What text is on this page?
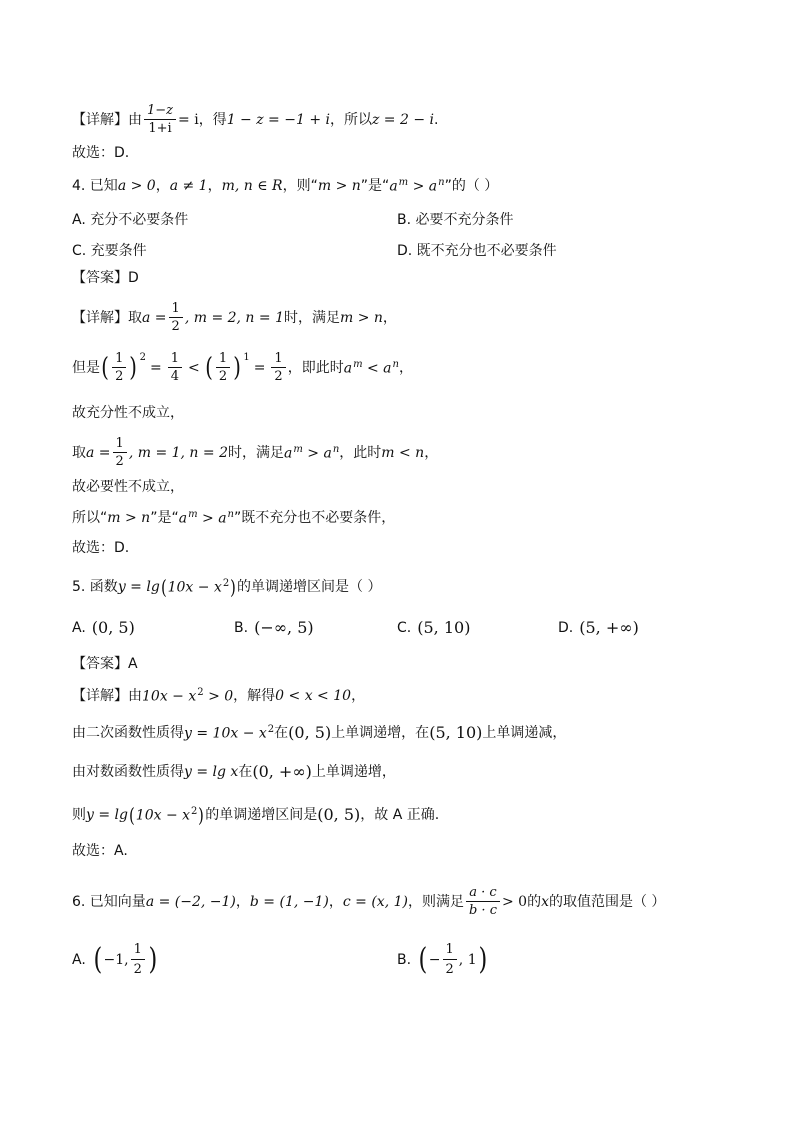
【详解】 由 $\frac{1-z}{1+i} = i$ ，得 1 − z = −1 + i ，所以 z = 2 − i .
故选：D.
4. 已知 a > 0 ， a ≠ 1 ， m, n ∈ R ，则“ m > n ”是“ $a^m > a^n$ ”的（ ）
A. 充分不必要条件	B. 必要不充分条件
C. 充要条件	D. 既不充分也不必要条件
【答案】 D
【详解】 取 $a = \frac{1}{2}$ , m = 2, n = 1 时，满足 m > n ，
但是 ( $\frac{1}{2}$ ) 2
= $\frac{1}{4}$ < ( $\frac{1}{2}$ ) 1
= $\frac{1}{2}$ ，即此时 $a^m < a^n$ ，
故充分性不成立，
取 $a = \frac{1}{2}$ , m = 1, n = 2 时，满足 $a^m > a^n$ ，此时 m < n ，
故必要性不成立，
所以“ m > n ”是“ $a^m > a^n$ ”既不充分也不必要条件，
故选：D.
5. 函数 y = lg ( $10x - x^2$ ) 的单调递增区间是（ ）
A. (0, 5)	B. (−∞, 5)	C. (5, 10)	D. (5, +∞)
【答案】 A
【详解】 由 $10x - x^2 > 0$ ，解得 0 < x < 10 ，
由二次函数性质得 $y = 10x - x^2$ 在 (0, 5) 上单调递增，在 (5, 10) 上单调递减，
由对数函数性质得 y = lg x 在 (0, +∞) 上单调递增，
则 y = lg ( $10x - x^2$ ) 的单调递增区间是 (0, 5) ，故 A 正确.
故选：A.
6. 已知向量 a = (−2, −1) ， b = (1, −1) ， c = (x, 1) ，则满足 $\frac{a \cdot c}{b \cdot c} > 0$ 的 x 的取值范围是（ ）
A. ( −1, $\frac{1}{2}$ )	B. ( − $\frac{1}{2}$ , 1 )
